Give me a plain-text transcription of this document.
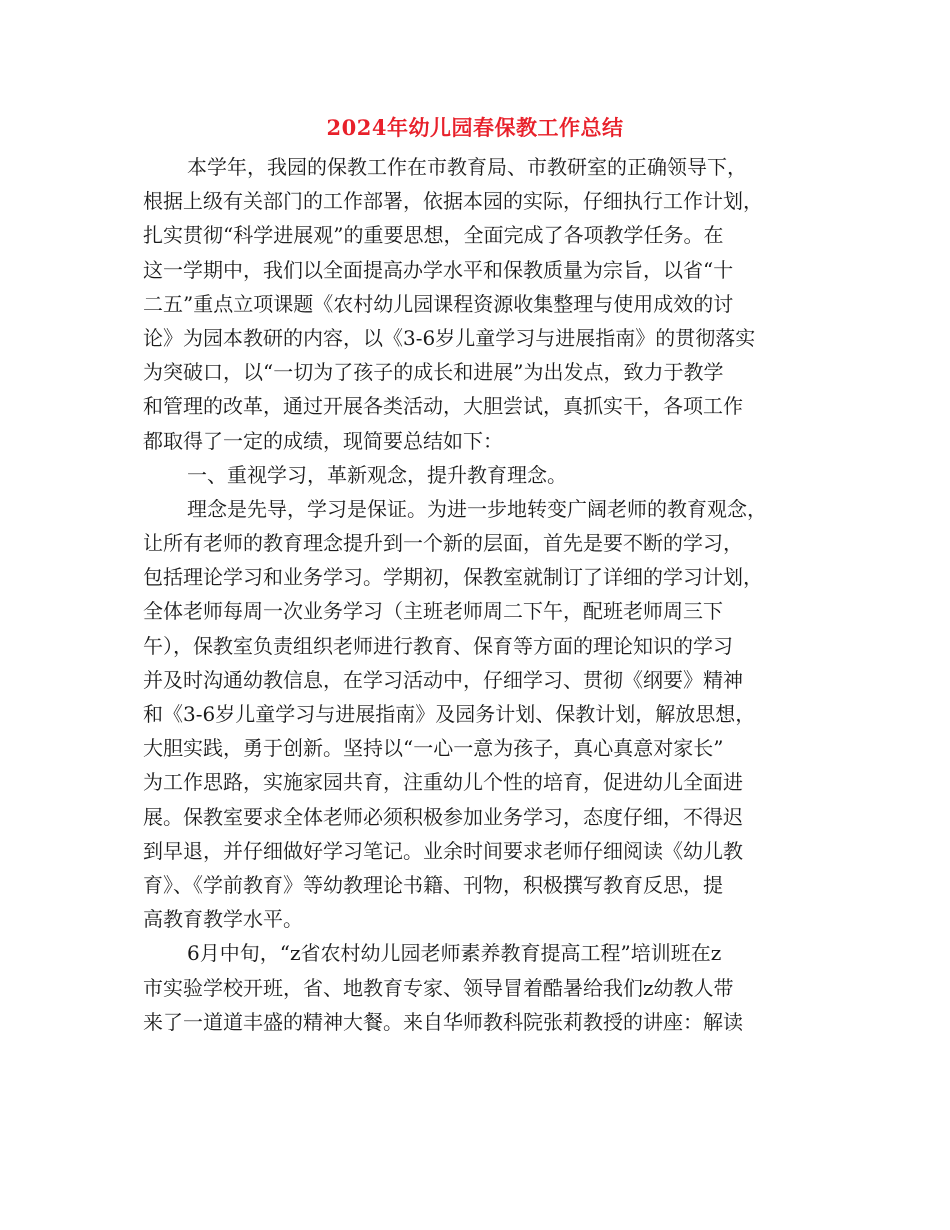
2024年幼儿园春保教工作总结
本学年，我园的保教工作在市教育局、市教研室的正确领导下，
根据上级有关部门的工作部署，依据本园的实际，仔细执行工作计划，
扎实贯彻“科学进展观”的重要思想，全面完成了各项教学任务。在
这一学期中，我们以全面提高办学水平和保教质量为宗旨，以省“十
二五”重点立项课题《农村幼儿园课程资源收集整理与使用成效的讨
论》为园本教研的内容，以《3-6岁儿童学习与进展指南》的贯彻落实
为突破口，以“一切为了孩子的成长和进展”为出发点，致力于教学
和管理的改革，通过开展各类活动，大胆尝试，真抓实干，各项工作
都取得了一定的成绩，现简要总结如下：
一、重视学习，革新观念，提升教育理念。
理念是先导，学习是保证。为进一步地转变广阔老师的教育观念，
让所有老师的教育理念提升到一个新的层面，首先是要不断的学习，
包括理论学习和业务学习。学期初，保教室就制订了详细的学习计划，
全体老师每周一次业务学习（主班老师周二下午，配班老师周三下
午），保教室负责组织老师进行教育、保育等方面的理论知识的学习
并及时沟通幼教信息，在学习活动中，仔细学习、贯彻《纲要》精神
和《3-6岁儿童学习与进展指南》及园务计划、保教计划，解放思想，
大胆实践，勇于创新。坚持以“一心一意为孩子，真心真意对家长”
为工作思路，实施家园共育，注重幼儿个性的培育，促进幼儿全面进
展。保教室要求全体老师必须积极参加业务学习，态度仔细，不得迟
到早退，并仔细做好学习笔记。业余时间要求老师仔细阅读《幼儿教
育》、《学前教育》等幼教理论书籍、刊物，积极撰写教育反思，提
高教育教学水平。
6月中旬，“z省农村幼儿园老师素养教育提高工程”培训班在z
市实验学校开班，省、地教育专家、领导冒着酷暑给我们z幼教人带
来了一道道丰盛的精神大餐。来自华师教科院张莉教授的讲座：解读
